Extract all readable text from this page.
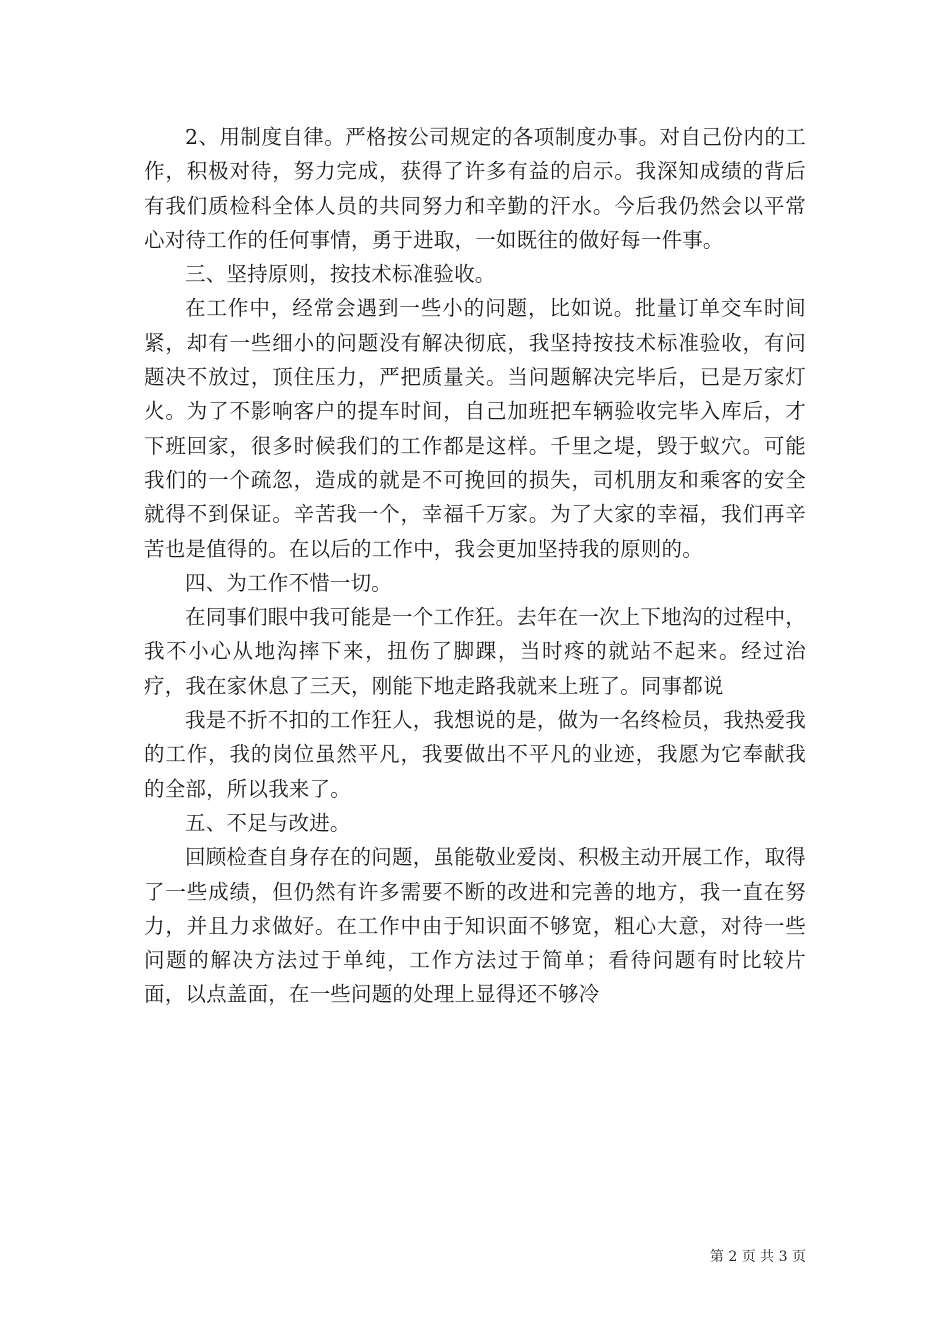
2、用制度自律。严格按公司规定的各项制度办事。对自己份内的工作，积极对待，努力完成，获得了许多有益的启示。我深知成绩的背后有我们质检科全体人员的共同努力和辛勤的汗水。今后我仍然会以平常心对待工作的任何事情，勇于进取，一如既往的做好每一件事。

三、坚持原则，按技术标准验收。

在工作中，经常会遇到一些小的问题，比如说。批量订单交车时间紧，却有一些细小的问题没有解决彻底，我坚持按技术标准验收，有问题决不放过，顶住压力，严把质量关。当问题解决完毕后，已是万家灯火。为了不影响客户的提车时间，自己加班把车辆验收完毕入库后，才下班回家，很多时候我们的工作都是这样。千里之堤，毁于蚁穴。可能我们的一个疏忽，造成的就是不可挽回的损失，司机朋友和乘客的安全就得不到保证。辛苦我一个，幸福千万家。为了大家的幸福，我们再辛苦也是值得的。在以后的工作中，我会更加坚持我的原则的。

四、为工作不惜一切。

在同事们眼中我可能是一个工作狂。去年在一次上下地沟的过程中，我不小心从地沟摔下来，扭伤了脚踝，当时疼的就站不起来。经过治疗，我在家休息了三天，刚能下地走路我就来上班了。同事都说

我是不折不扣的工作狂人，我想说的是，做为一名终检员，我热爱我的工作，我的岗位虽然平凡，我要做出不平凡的业迹，我愿为它奉献我的全部，所以我来了。

五、不足与改进。

回顾检查自身存在的问题，虽能敬业爱岗、积极主动开展工作，取得了一些成绩，但仍然有许多需要不断的改进和完善的地方，我一直在努力，并且力求做好。在工作中由于知识面不够宽，粗心大意，对待一些问题的解决方法过于单纯，工作方法过于简单；看待问题有时比较片面，以点盖面，在一些问题的处理上显得还不够冷

第 2 页 共 3 页
